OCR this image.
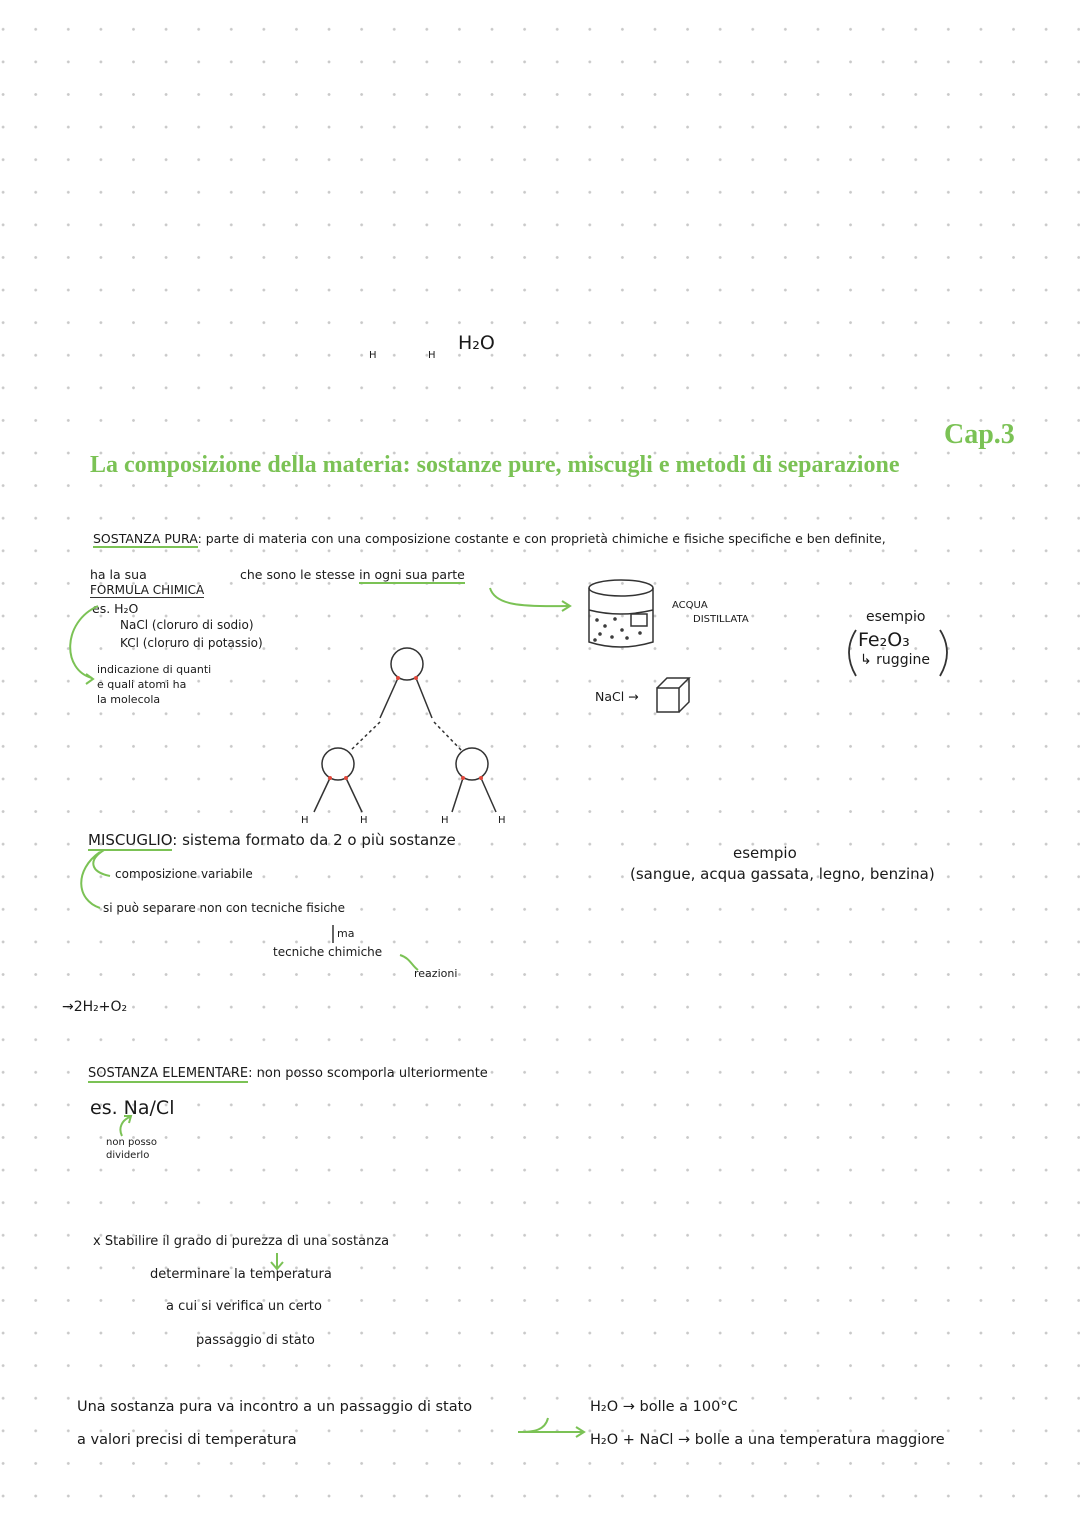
Cap.3
La composizione della materia: sostanze pure, miscugli e metodi di separazione
SOSTANZA PURA: parte di materia con una composizione costante e con proprietà chimiche e fisiche specifiche e ben definite,
che sono le stesse in ogni sua parte
ha la sua
FORMULA CHIMICA
es. H₂O
NaCl (cloruro di sodio)
KCl (cloruro di potassio)
indicazione di quanti
e quali atomi ha
la molecola
ACQUA
DISTILLATA
NaCl →
esempio
Fe₂O₃
↳ ruggine
H₂O
H	H
H	H	H	H
MISCUGLIO: sistema formato da 2 o più sostanze
composizione variabile
si può separare non con tecniche fisiche
ma
tecniche chimiche
reazioni
esempio
(sangue, acqua gassata, legno, benzina)
→2H₂+O₂
SOSTANZA ELEMENTARE: non posso scomporla ulteriormente
es. Na/Cl
non posso
dividerlo
x Stabilire il grado di purezza di una sostanza
determinare la temperatura
a cui si verifica un certo
passaggio di stato
Una sostanza pura va incontro a un passaggio di stato
a valori precisi di temperatura
H₂O → bolle a 100°C
H₂O + NaCl → bolle a una temperatura maggiore
